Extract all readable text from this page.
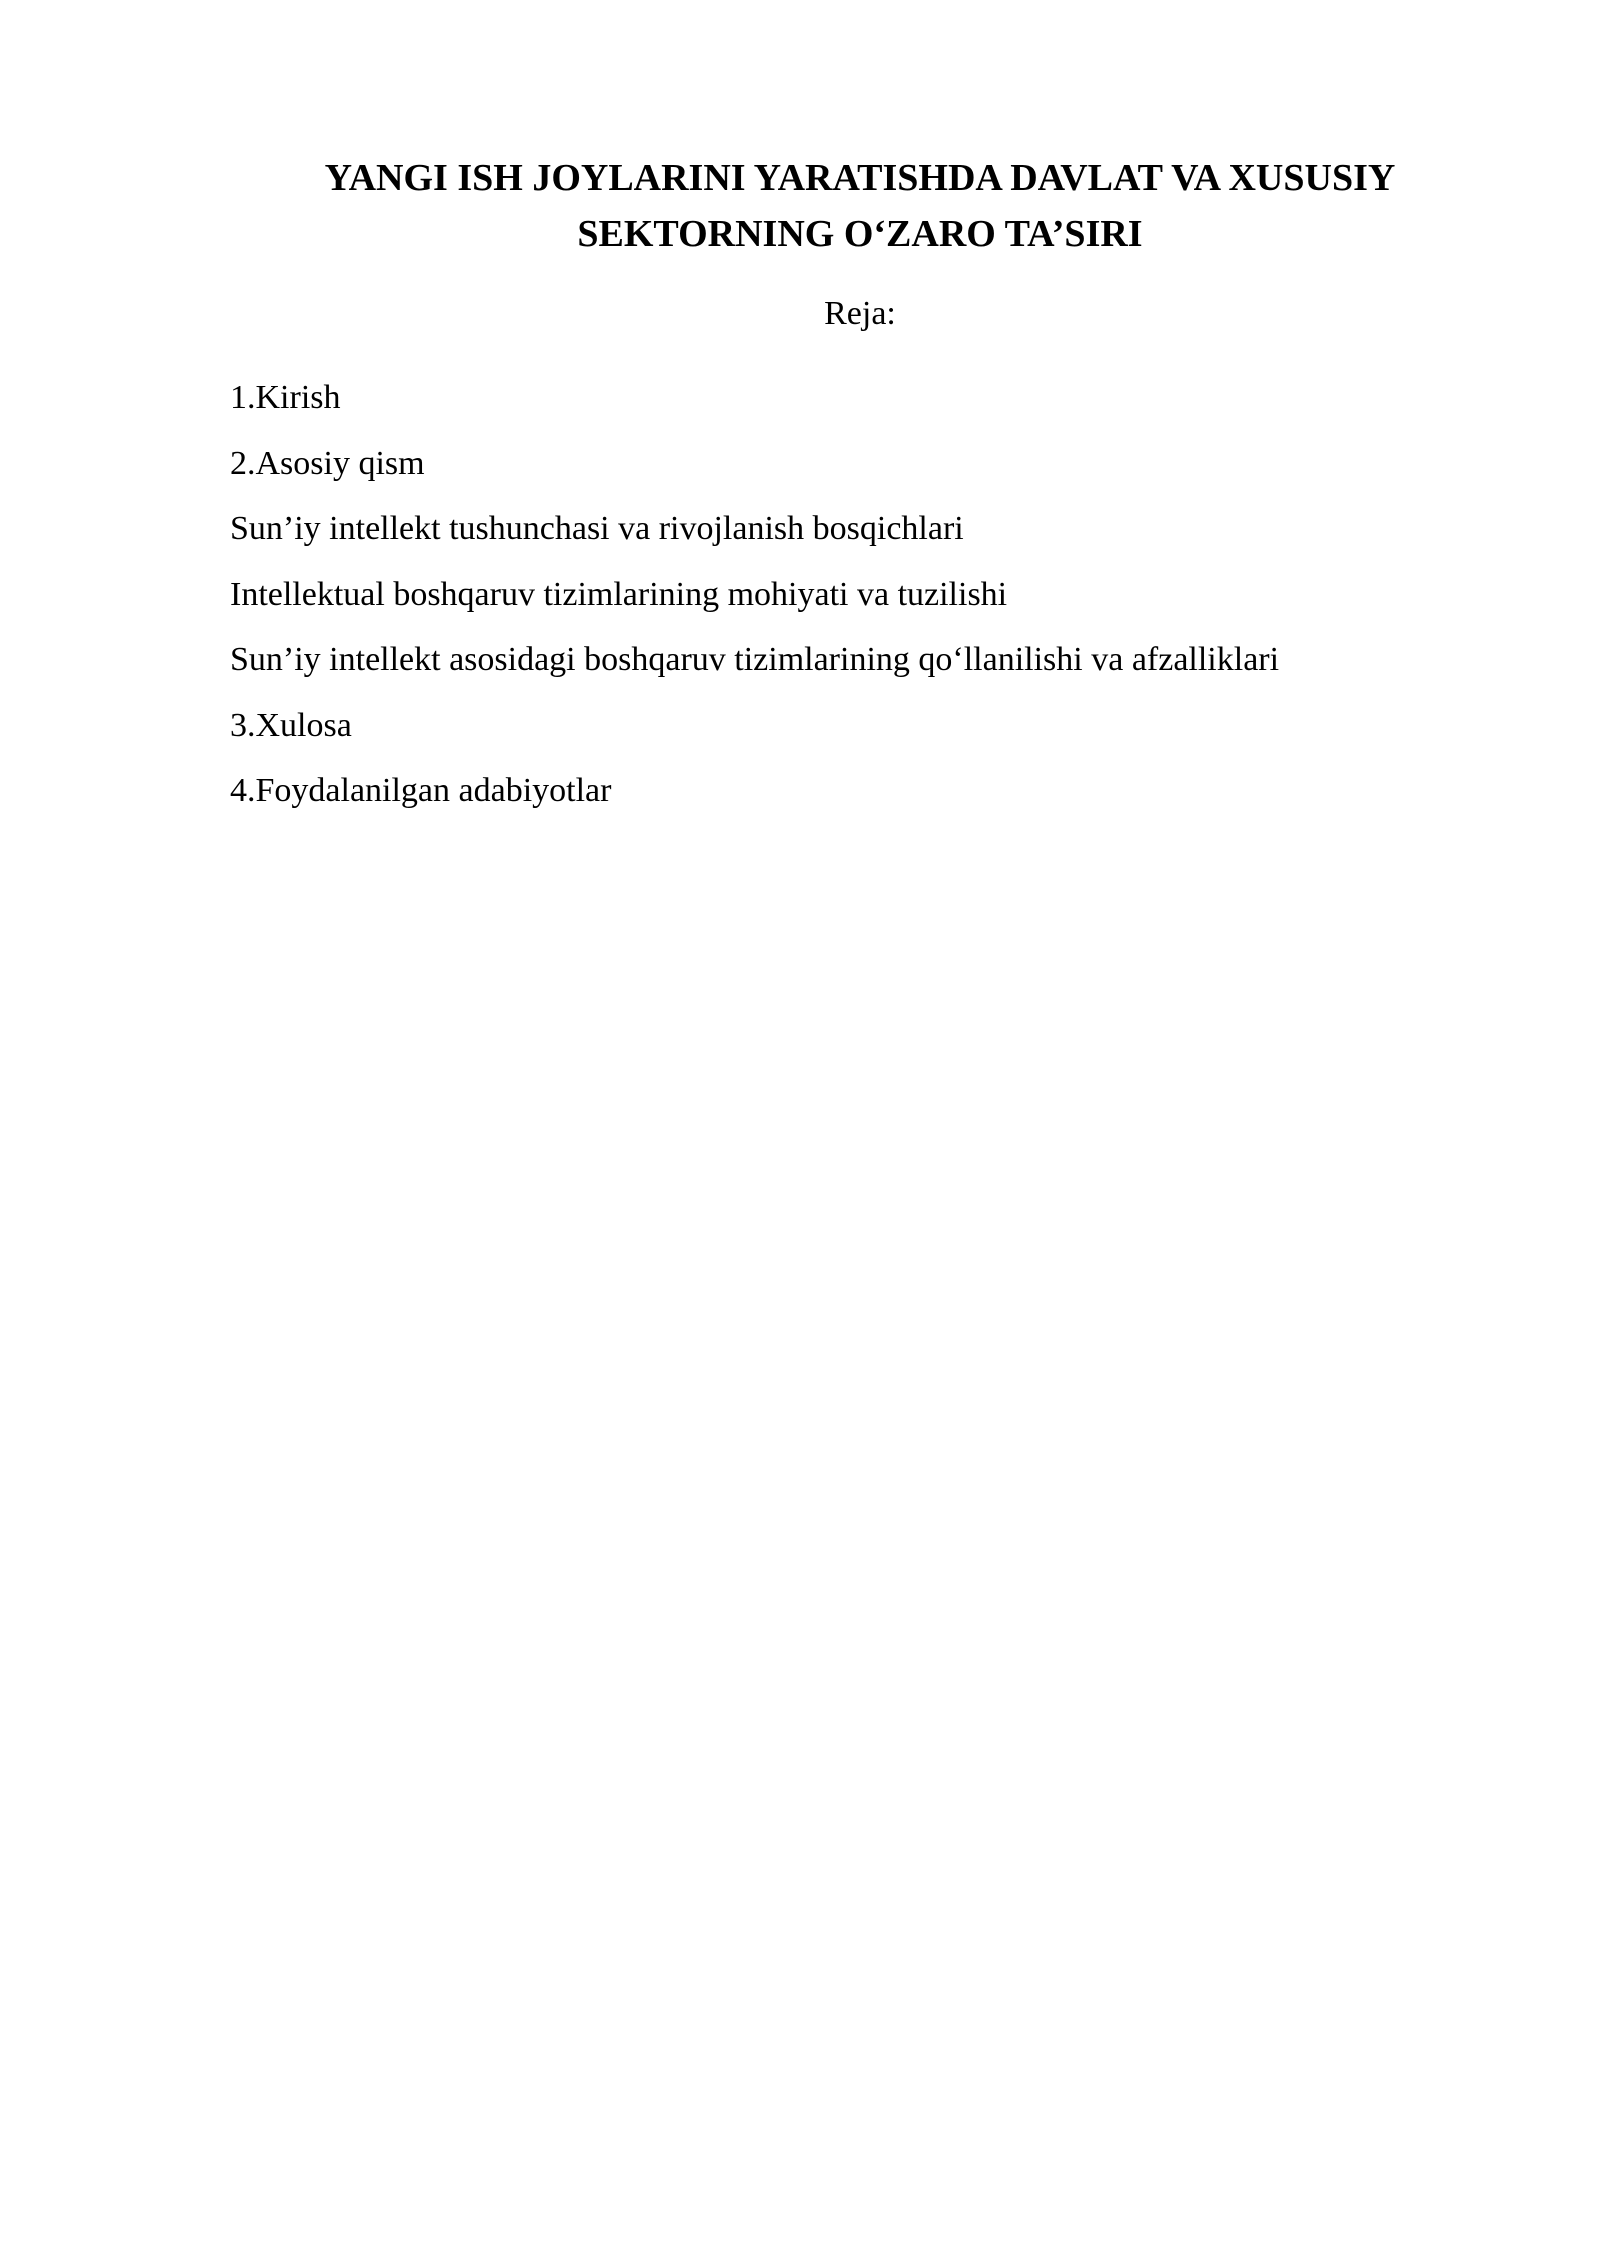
YANGI ISH JOYLARINI YARATISHDA DAVLAT VA XUSUSIY SEKTORNING O‘ZARO TA’SIRI

Reja:

1.Kirish
2.Asosiy qism
Sun’iy intellekt tushunchasi va rivojlanish bosqichlari
Intellektual boshqaruv tizimlarining mohiyati va tuzilishi
Sun’iy intellekt asosidagi boshqaruv tizimlarining qo‘llanilishi va afzalliklari
3.Xulosa
4.Foydalanilgan adabiyotlar
